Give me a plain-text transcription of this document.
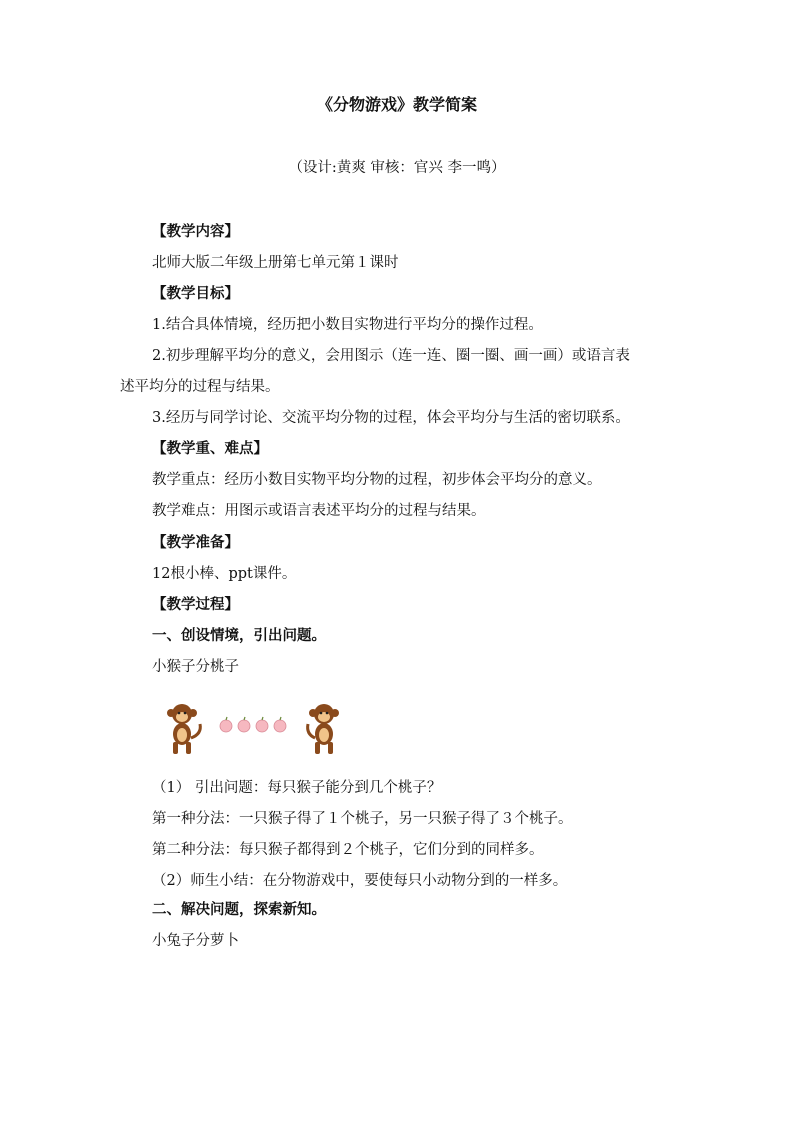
《分物游戏》教学简案
（设计:黄爽 审核：官兴 李一鸣）
【教学内容】
北师大版二年级上册第七单元第１课时
【教学目标】
1.结合具体情境，经历把小数目实物进行平均分的操作过程。
2.初步理解平均分的意义，会用图示（连一连、圈一圈、画一画）或语言表
述平均分的过程与结果。
3.经历与同学讨论、交流平均分物的过程，体会平均分与生活的密切联系。
【教学重、难点】
教学重点：经历小数目实物平均分物的过程，初步体会平均分的意义。
教学难点：用图示或语言表述平均分的过程与结果。
【教学准备】
12根小棒、ppt课件。
【教学过程】
一、创设情境，引出问题。
小猴子分桃子
（1） 引出问题：每只猴子能分到几个桃子？
第一种分法：一只猴子得了１个桃子，另一只猴子得了３个桃子。
第二种分法：每只猴子都得到２个桃子，它们分到的同样多。
（2）师生小结：在分物游戏中，要使每只小动物分到的一样多。
二、解决问题，探索新知。
小兔子分萝卜
